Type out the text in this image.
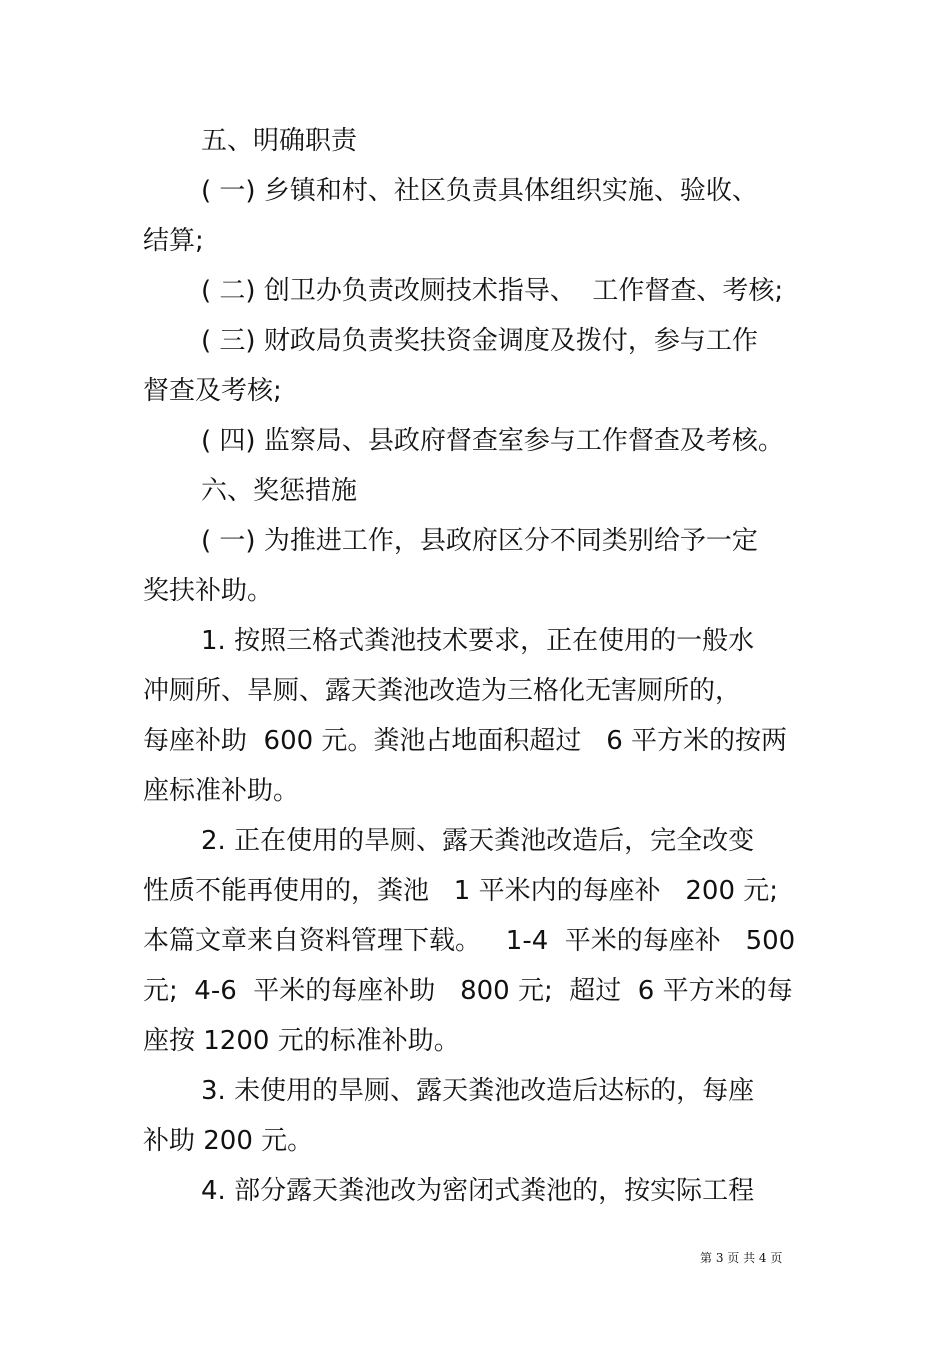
五、明确职责
( 一) 乡镇和村、社区负责具体组织实施、验收、
结算;
( 二) 创卫办负责改厕技术指导、  工作督查、考核;
( 三) 财政局负责奖扶资金调度及拨付，参与工作
督查及考核;
( 四) 监察局、县政府督查室参与工作督查及考核。
六、奖惩措施
( 一) 为推进工作，县政府区分不同类别给予一定
奖扶补助。
1. 按照三格式粪池技术要求，正在使用的一般水
冲厕所、旱厕、露天粪池改造为三格化无害厕所的，
每座补助  600 元。粪池占地面积超过   6 平方米的按两
座标准补助。
2. 正在使用的旱厕、露天粪池改造后，完全改变
性质不能再使用的，粪池   1 平米内的每座补   200 元;
本篇文章来自资料管理下载。   1-4  平米的每座补   500
元;  4-6  平米的每座补助   800 元;  超过  6 平方米的每
座按 1200 元的标准补助。
3. 未使用的旱厕、露天粪池改造后达标的，每座
补助 200 元。
4. 部分露天粪池改为密闭式粪池的，按实际工程
第 3 页 共 4 页
